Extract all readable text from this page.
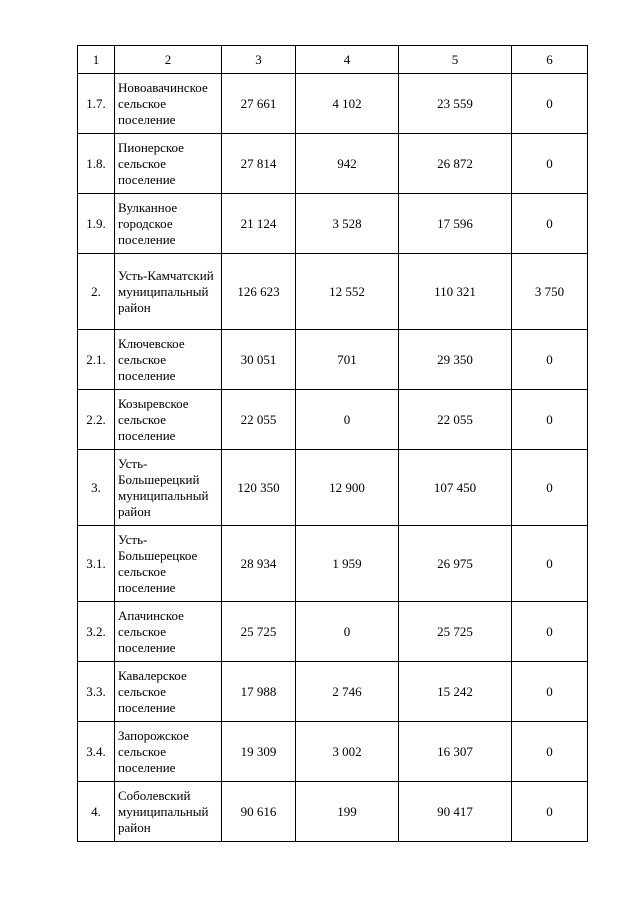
1	2	3	4	5	6
1.7.	Новоавачинское сельское поселение	27 661	4 102	23 559	0
1.8.	Пионерское сельское поселение	27 814	942	26 872	0
1.9.	Вулканное городское поселение	21 124	3 528	17 596	0
2.	Усть-Камчатский муниципальный район	126 623	12 552	110 321	3 750
2.1.	Ключевское сельское поселение	30 051	701	29 350	0
2.2.	Козыревское сельское поселение	22 055	0	22 055	0
3.	Усть-Большерецкий муниципальный район	120 350	12 900	107 450	0
3.1.	Усть-Большерецкое сельское поселение	28 934	1 959	26 975	0
3.2.	Апачинское сельское поселение	25 725	0	25 725	0
3.3.	Кавалерское сельское поселение	17 988	2 746	15 242	0
3.4.	Запорожское сельское поселение	19 309	3 002	16 307	0
4.	Соболевский муниципальный район	90 616	199	90 417	0
